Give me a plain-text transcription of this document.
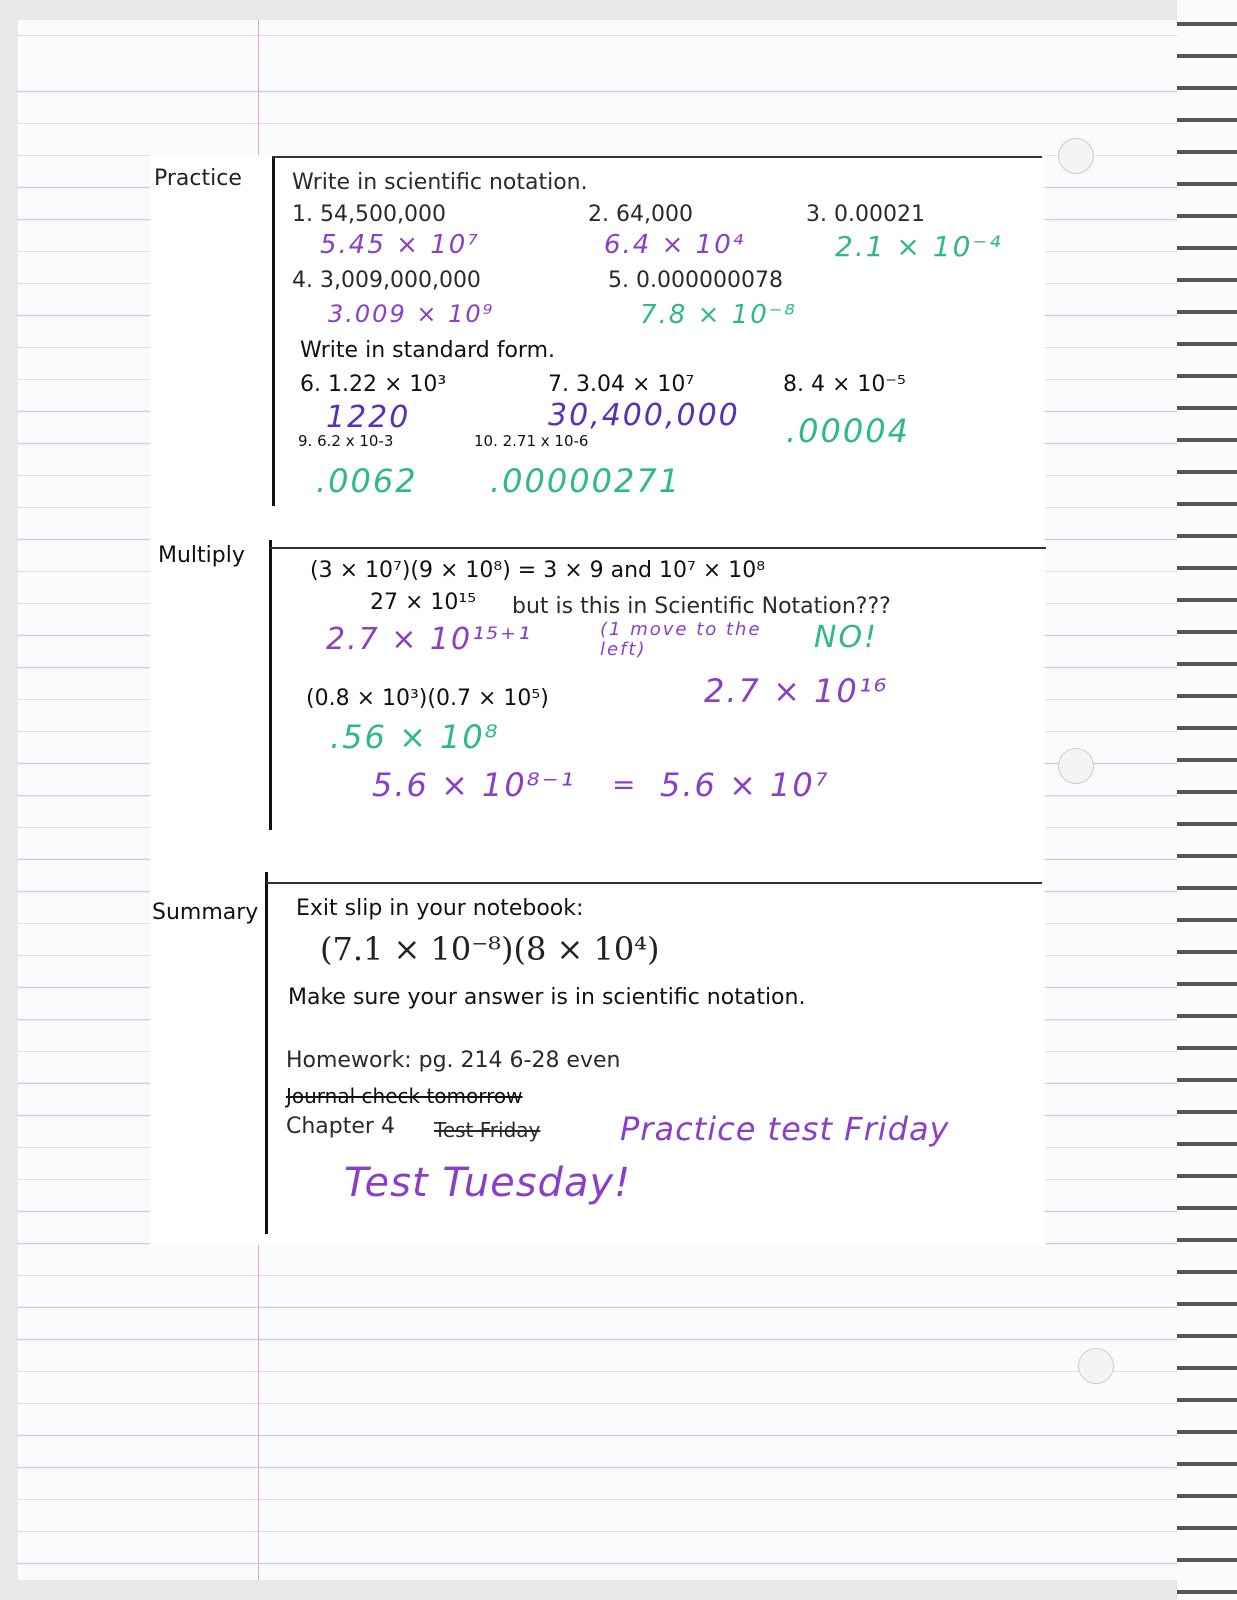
Practice Write in scientific notation.
1. 54,500,000
5.45 × 10⁷
2. 64,000
6.4 × 10⁴
3. 0.00021
2.1 × 10⁻⁴
4. 3,009,000,000
3.009 × 10⁹
5. 0.000000078
7.8 × 10⁻⁸
Write in standard form.
6. 1.22 × 10³
1220
7. 3.04 × 10⁷
30,400,000
8. 4 × 10⁻⁵
.00004
9. 6.2 x 10-3
.0062
10. 2.71 x 10-6
.00000271
Multiply
(3 × 10⁷)(9 × 10⁸) = 3 × 9 and 10⁷ × 10⁸
27 × 10¹⁵ but is this in Scientific Notation???
2.7 × 10¹⁵⁺¹	(1 move to the left)	NO!
2.7 × 10¹⁶
(0.8 × 10³)(0.7 × 10⁵)
.56 × 10⁸
5.6 × 10⁸⁻¹ = 5.6 × 10⁷
Summary Exit slip in your notebook:
(7.1 × 10⁻⁸)(8 × 10⁴)
Make sure your answer is in scientific notation.
Homework: pg. 214 6-28 even
Journal check tomorrow
Chapter 4 Test Friday Practice test Friday
Test Tuesday!
